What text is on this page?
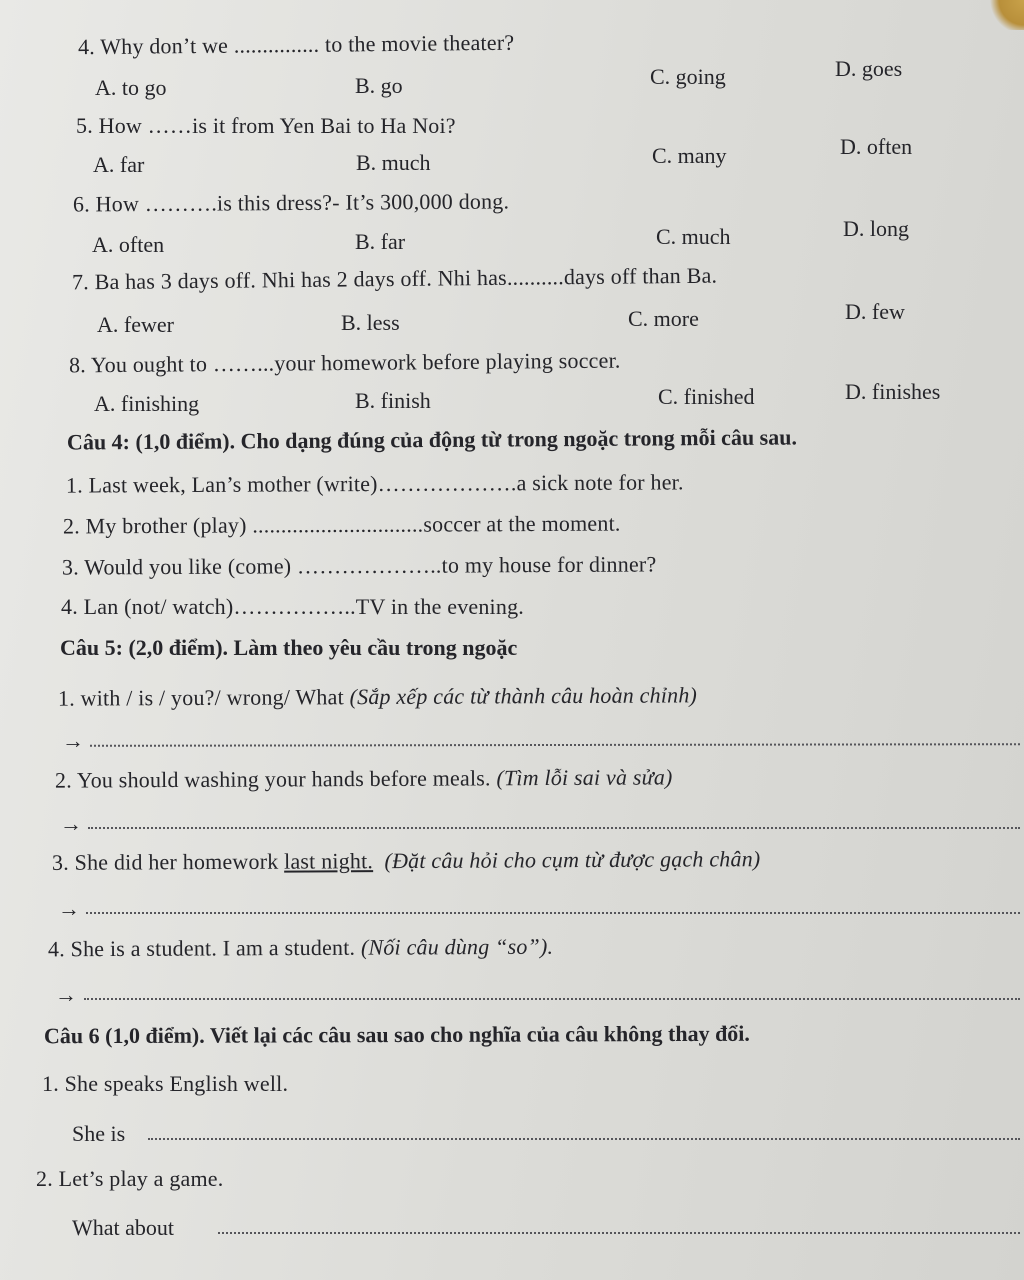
4. Why don’t we ............... to the movie theater?
A. to go	B. go	C. going	D. goes
5. How ……is it from Yen Bai to Ha Noi?
A. far	B. much	C. many	D. often
6. How ……….is this dress?- It’s 300,000 dong.
A. often	B. far	C. much	D. long
7. Ba has 3 days off. Nhi has 2 days off. Nhi has..........days off than Ba.
A. fewer	B. less	C. more	D. few
8. You ought to ……...your homework before playing soccer.
A. finishing	B. finish	C. finished	D. finishes
Câu 4: (1,0 điểm). Cho dạng đúng của động từ trong ngoặc trong mỗi câu sau.
1. Last week, Lan’s mother (write)……………….a sick note for her.
2. My brother (play) ..............................soccer at the moment.
3. Would you like (come) ………………..to my house for dinner?
4. Lan (not/ watch)……………..TV in the evening.
Câu 5: (2,0 điểm). Làm theo yêu cầu trong ngoặc
1. with / is / you?/ wrong/ What (Sắp xếp các từ thành câu hoàn chỉnh)
→
2. You should washing your hands before meals. (Tìm lỗi sai và sửa)
→
3. She did her homework last night. (Đặt câu hỏi cho cụm từ được gạch chân)
→
4. She is a student. I am a student. (Nối câu dùng “so”).
→
Câu 6 (1,0 điểm). Viết lại các câu sau sao cho nghĩa của câu không thay đổi.
1. She speaks English well.
She is
2. Let’s play a game.
What about
